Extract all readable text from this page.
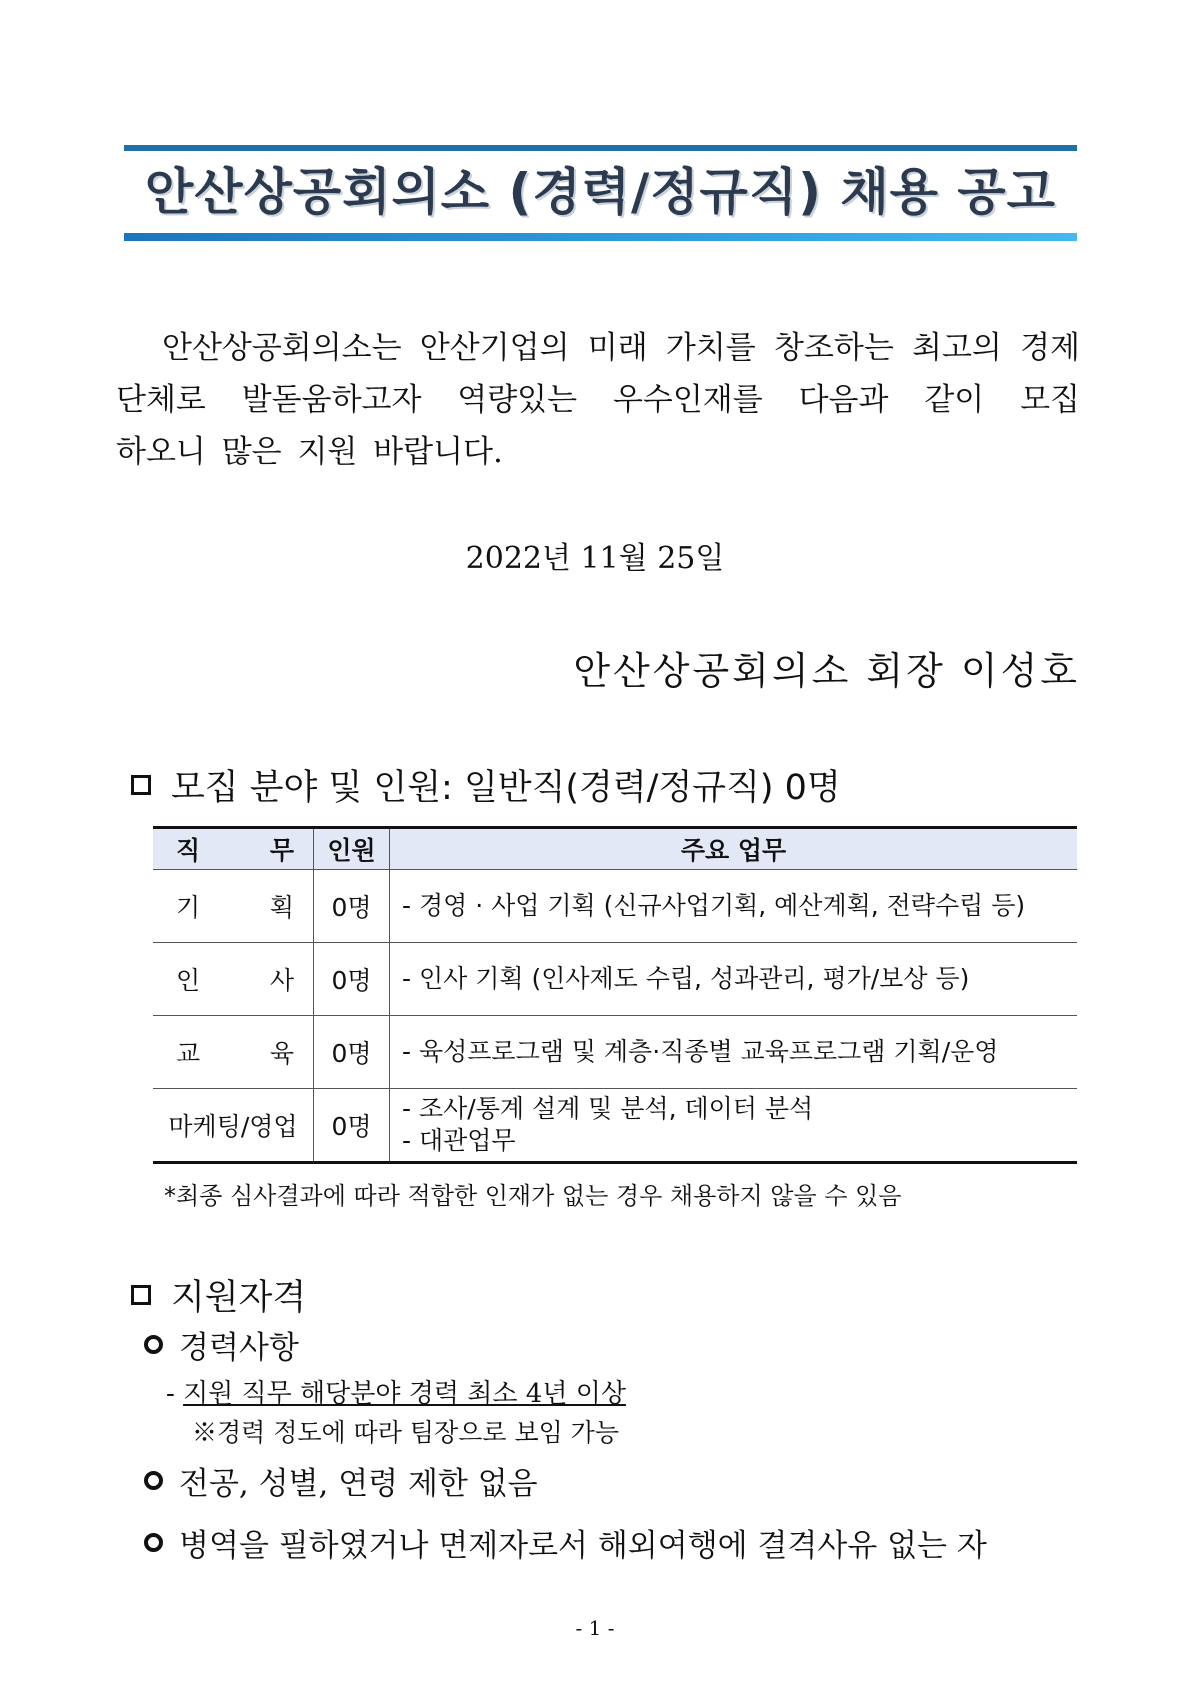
안산상공회의소 (경력/정규직) 채용 공고
안산상공회의소는 안산기업의 미래 가치를 창조하는 최고의 경제단체로 발돋움하고자 역량있는 우수인재를 다음과 같이 모집
하오니 많은 지원 바랍니다.
2022년 11월 25일
안산상공회의소 회장 이성호
모집 분야 및 인원: 일반직(경력/정규직) 0명
직 무	인원	주요 업무

기 획	0명	- 경영 · 사업 기획 (신규사업기획, 예산계획, 전략수립 등)

인 사	0명	- 인사 기획 (인사제도 수립, 성과관리, 평가/보상 등)

교 육	0명	- 육성프로그램 및 계층·직종별 교육프로그램 기획/운영

마케팅/영업	0명	- 조사/통계 설계 및 분석, 데이터 분석
- 대관업무
*최종 심사결과에 따라 적합한 인재가 없는 경우 채용하지 않을 수 있음
지원자격
경력사항
- 지원 직무 해당분야 경력 최소 4년 이상
※경력 정도에 따라 팀장으로 보임 가능
전공, 성별, 연령 제한 없음
병역을 필하였거나 면제자로서 해외여행에 결격사유 없는 자
- 1 -
